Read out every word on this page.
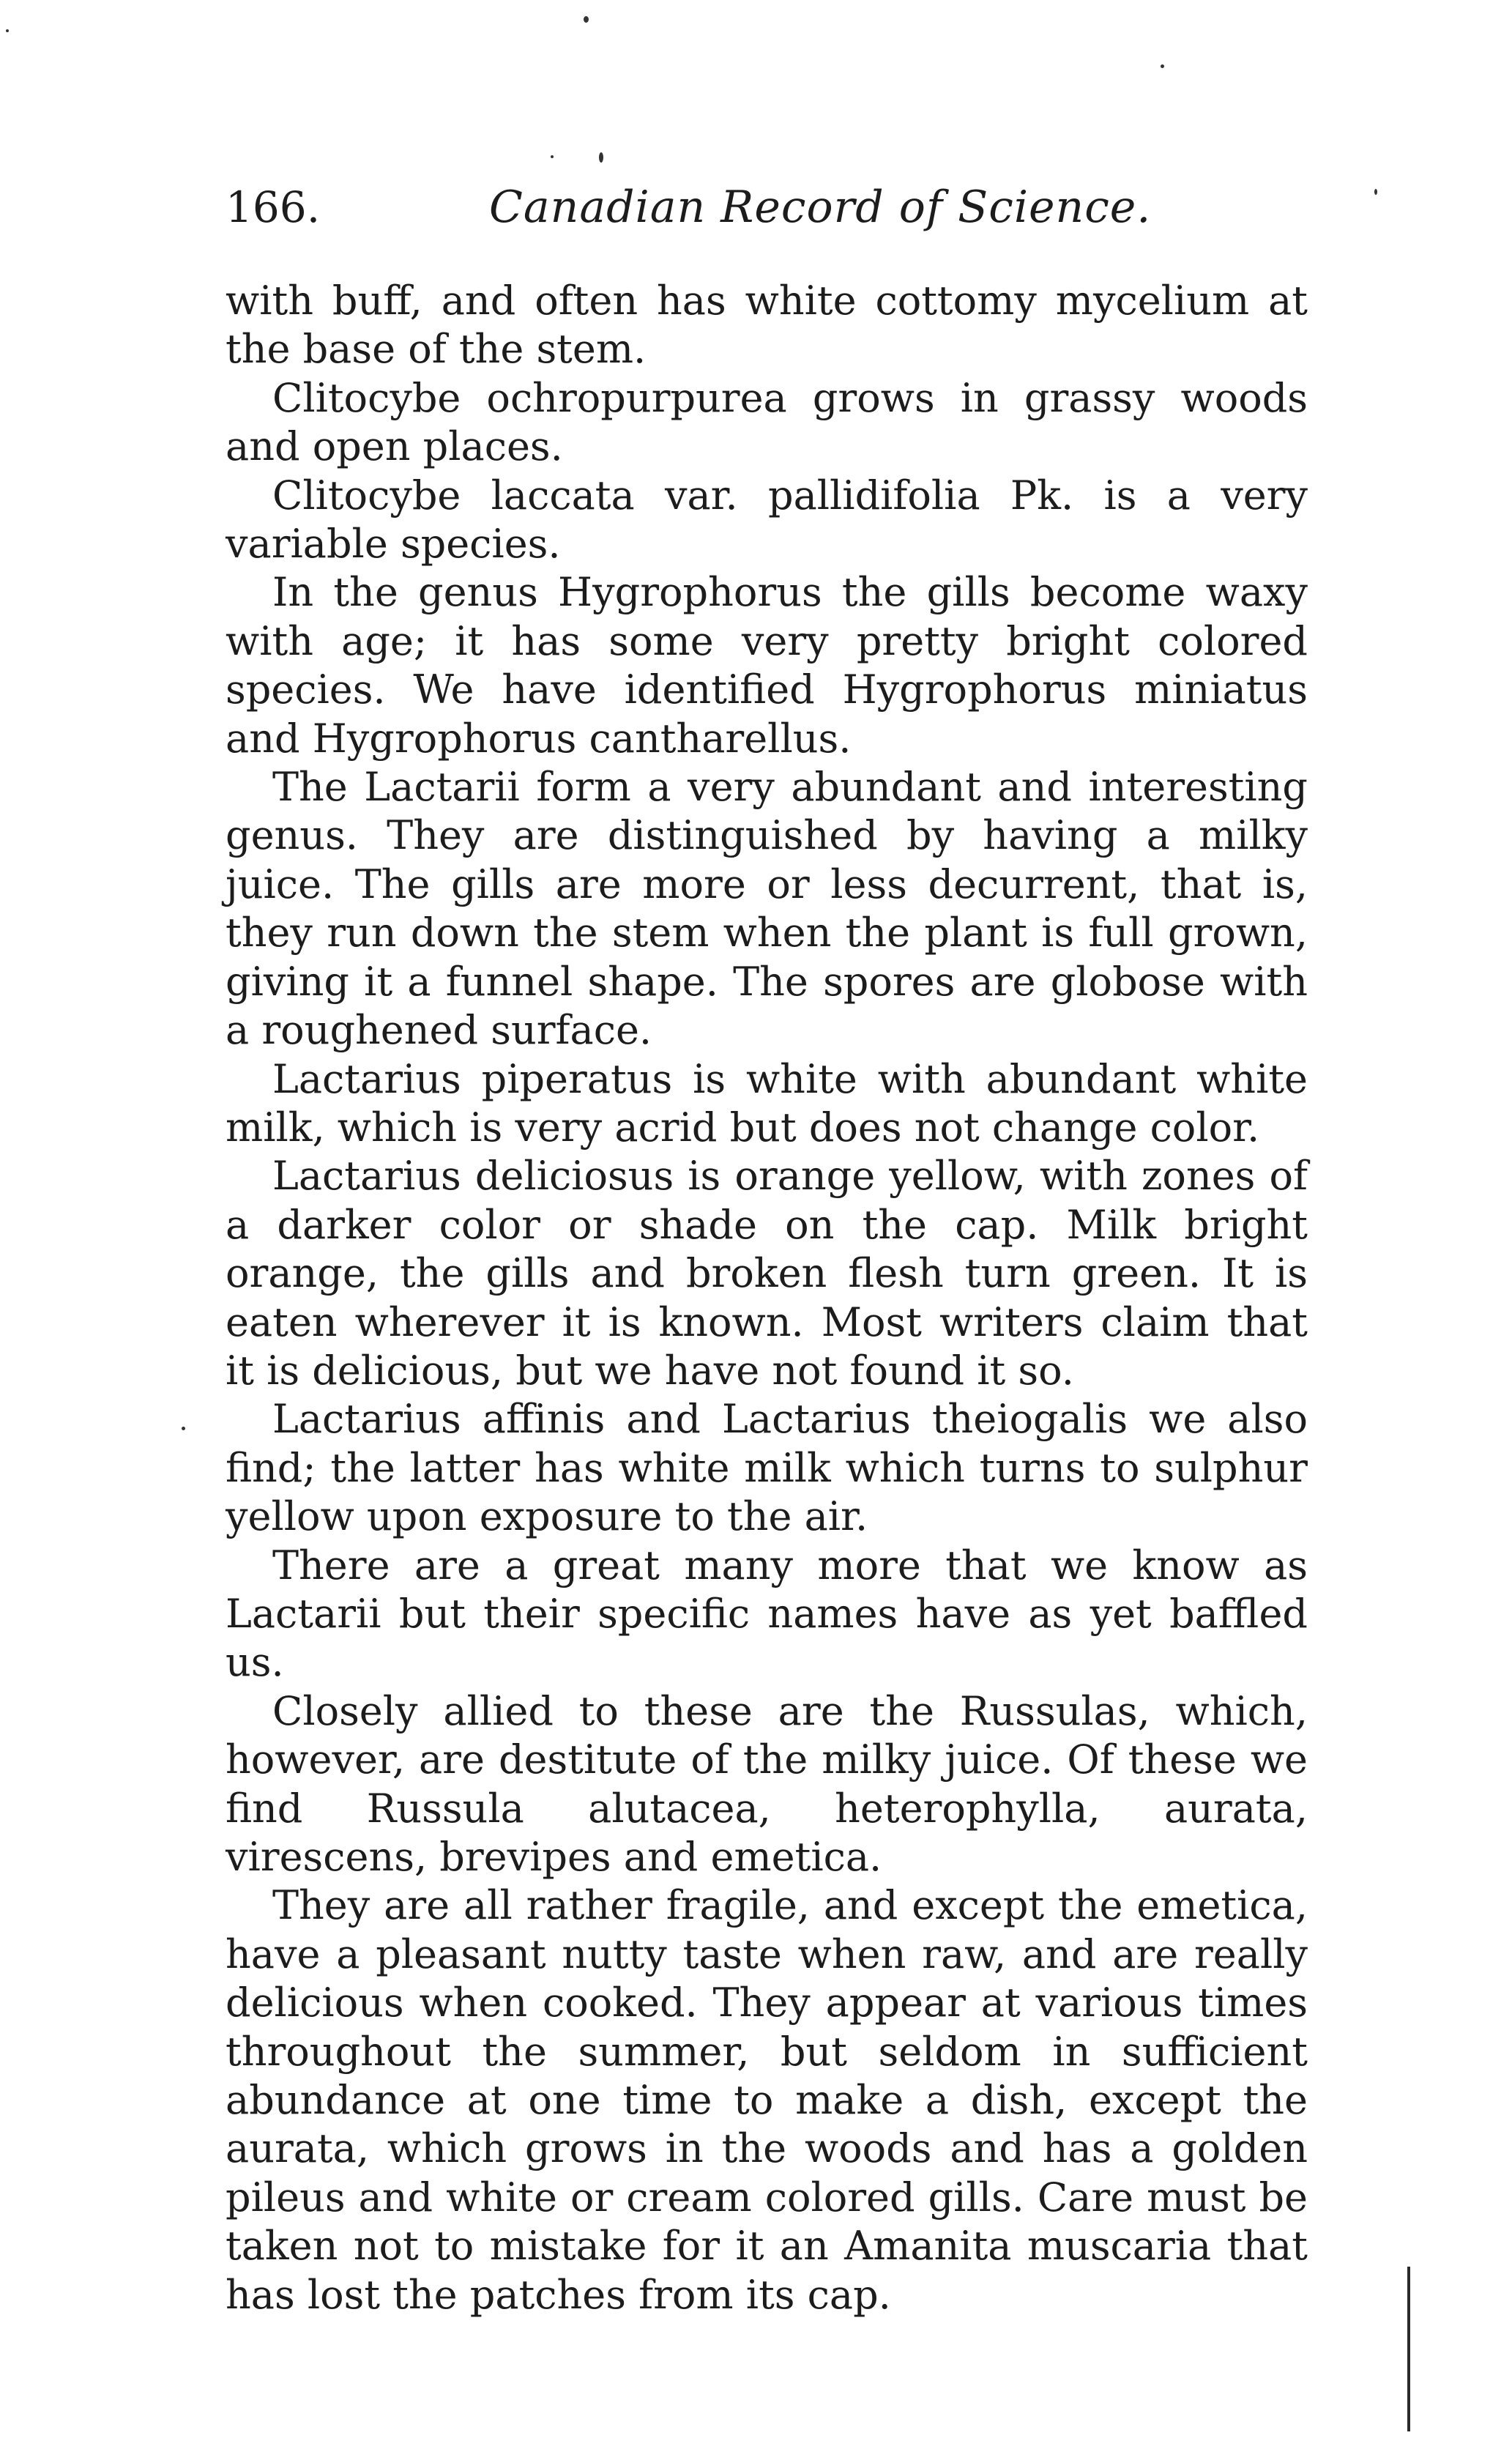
166.	Canadian Record of Science.

with buff, and often has white cottomy mycelium at the base of the stem.

Clitocybe ochropurpurea grows in grassy woods and open places.

Clitocybe laccata var. pallidifolia Pk. is a very variable species.

In the genus Hygrophorus the gills become waxy with age; it has some very pretty bright colored species. We have identified Hygrophorus miniatus and Hygrophorus cantharellus.

The Lactarii form a very abundant and interesting genus. They are distinguished by having a milky juice. The gills are more or less decurrent, that is, they run down the stem when the plant is full grown, giving it a funnel shape. The spores are globose with a roughened surface.

Lactarius piperatus is white with abundant white milk, which is very acrid but does not change color.

Lactarius deliciosus is orange yellow, with zones of a darker color or shade on the cap. Milk bright orange, the gills and broken flesh turn green. It is eaten wherever it is known. Most writers claim that it is delicious, but we have not found it so.

Lactarius affinis and Lactarius theiogalis we also find; the latter has white milk which turns to sulphur yellow upon exposure to the air.

There are a great many more that we know as Lactarii but their specific names have as yet baffled us.

Closely allied to these are the Russulas, which, however, are destitute of the milky juice. Of these we find Russula alutacea, heterophylla, aurata, virescens, brevipes and emetica.

They are all rather fragile, and except the emetica, have a pleasant nutty taste when raw, and are really delicious when cooked. They appear at various times throughout the summer, but seldom in sufficient abundance at one time to make a dish, except the aurata, which grows in the woods and has a golden pileus and white or cream colored gills. Care must be taken not to mistake for it an Amanita muscaria that has lost the patches from its cap.
